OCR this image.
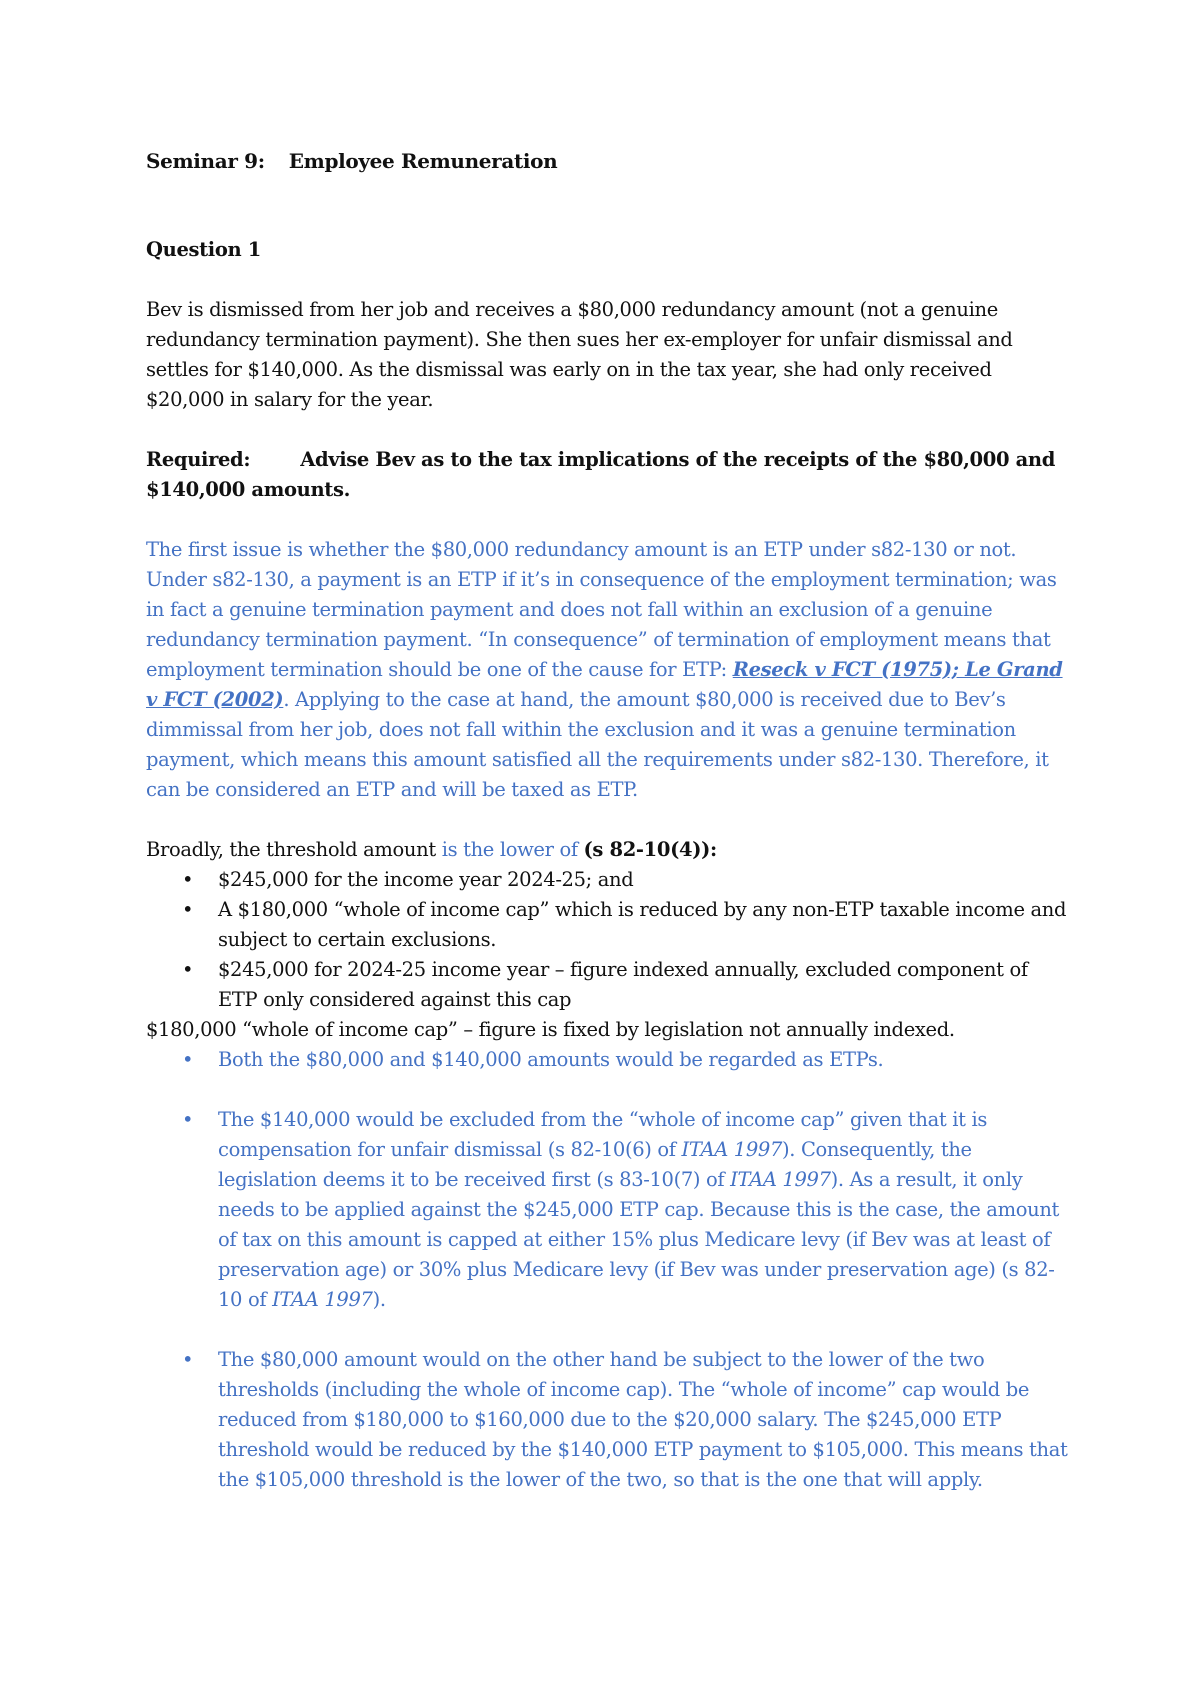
Seminar 9: Employee Remuneration

Question 1

Bev is dismissed from her job and receives a $80,000 redundancy amount (not a genuine redundancy termination payment). She then sues her ex-employer for unfair dismissal and settles for $140,000. As the dismissal was early on in the tax year, she had only received $20,000 in salary for the year.

Required:	Advise Bev as to the tax implications of the receipts of the $80,000 and $140,000 amounts.

The first issue is whether the $80,000 redundancy amount is an ETP under s82-130 or not. Under s82-130, a payment is an ETP if it’s in consequence of the employment termination; was in fact a genuine termination payment and does not fall within an exclusion of a genuine redundancy termination payment. “In consequence” of termination of employment means that employment termination should be one of the cause for ETP: Reseck v FCT (1975); Le Grand v FCT (2002). Applying to the case at hand, the amount $80,000 is received due to Bev’s dimmissal from her job, does not fall within the exclusion and it was a genuine termination payment, which means this amount satisfied all the requirements under s82-130. Therefore, it can be considered an ETP and will be taxed as ETP.

Broadly, the threshold amount is the lower of (s 82-10(4)):

• $245,000 for the income year 2024-25; and
• A $180,000 “whole of income cap” which is reduced by any non-ETP taxable income and subject to certain exclusions.
• $245,000 for 2024-25 income year – figure indexed annually, excluded component of ETP only considered against this cap

$180,000 “whole of income cap” – figure is fixed by legislation not annually indexed.

• Both the $80,000 and $140,000 amounts would be regarded as ETPs.
• The $140,000 would be excluded from the “whole of income cap” given that it is compensation for unfair dismissal (s 82-10(6) of ITAA 1997). Consequently, the legislation deems it to be received first (s 83-10(7) of ITAA 1997). As a result, it only needs to be applied against the $245,000 ETP cap. Because this is the case, the amount of tax on this amount is capped at either 15% plus Medicare levy (if Bev was at least of preservation age) or 30% plus Medicare levy (if Bev was under preservation age) (s 82-10 of ITAA 1997).
• The $80,000 amount would on the other hand be subject to the lower of the two thresholds (including the whole of income cap). The “whole of income” cap would be reduced from $180,000 to $160,000 due to the $20,000 salary. The $245,000 ETP threshold would be reduced by the $140,000 ETP payment to $105,000. This means that the $105,000 threshold is the lower of the two, so that is the one that will apply.
